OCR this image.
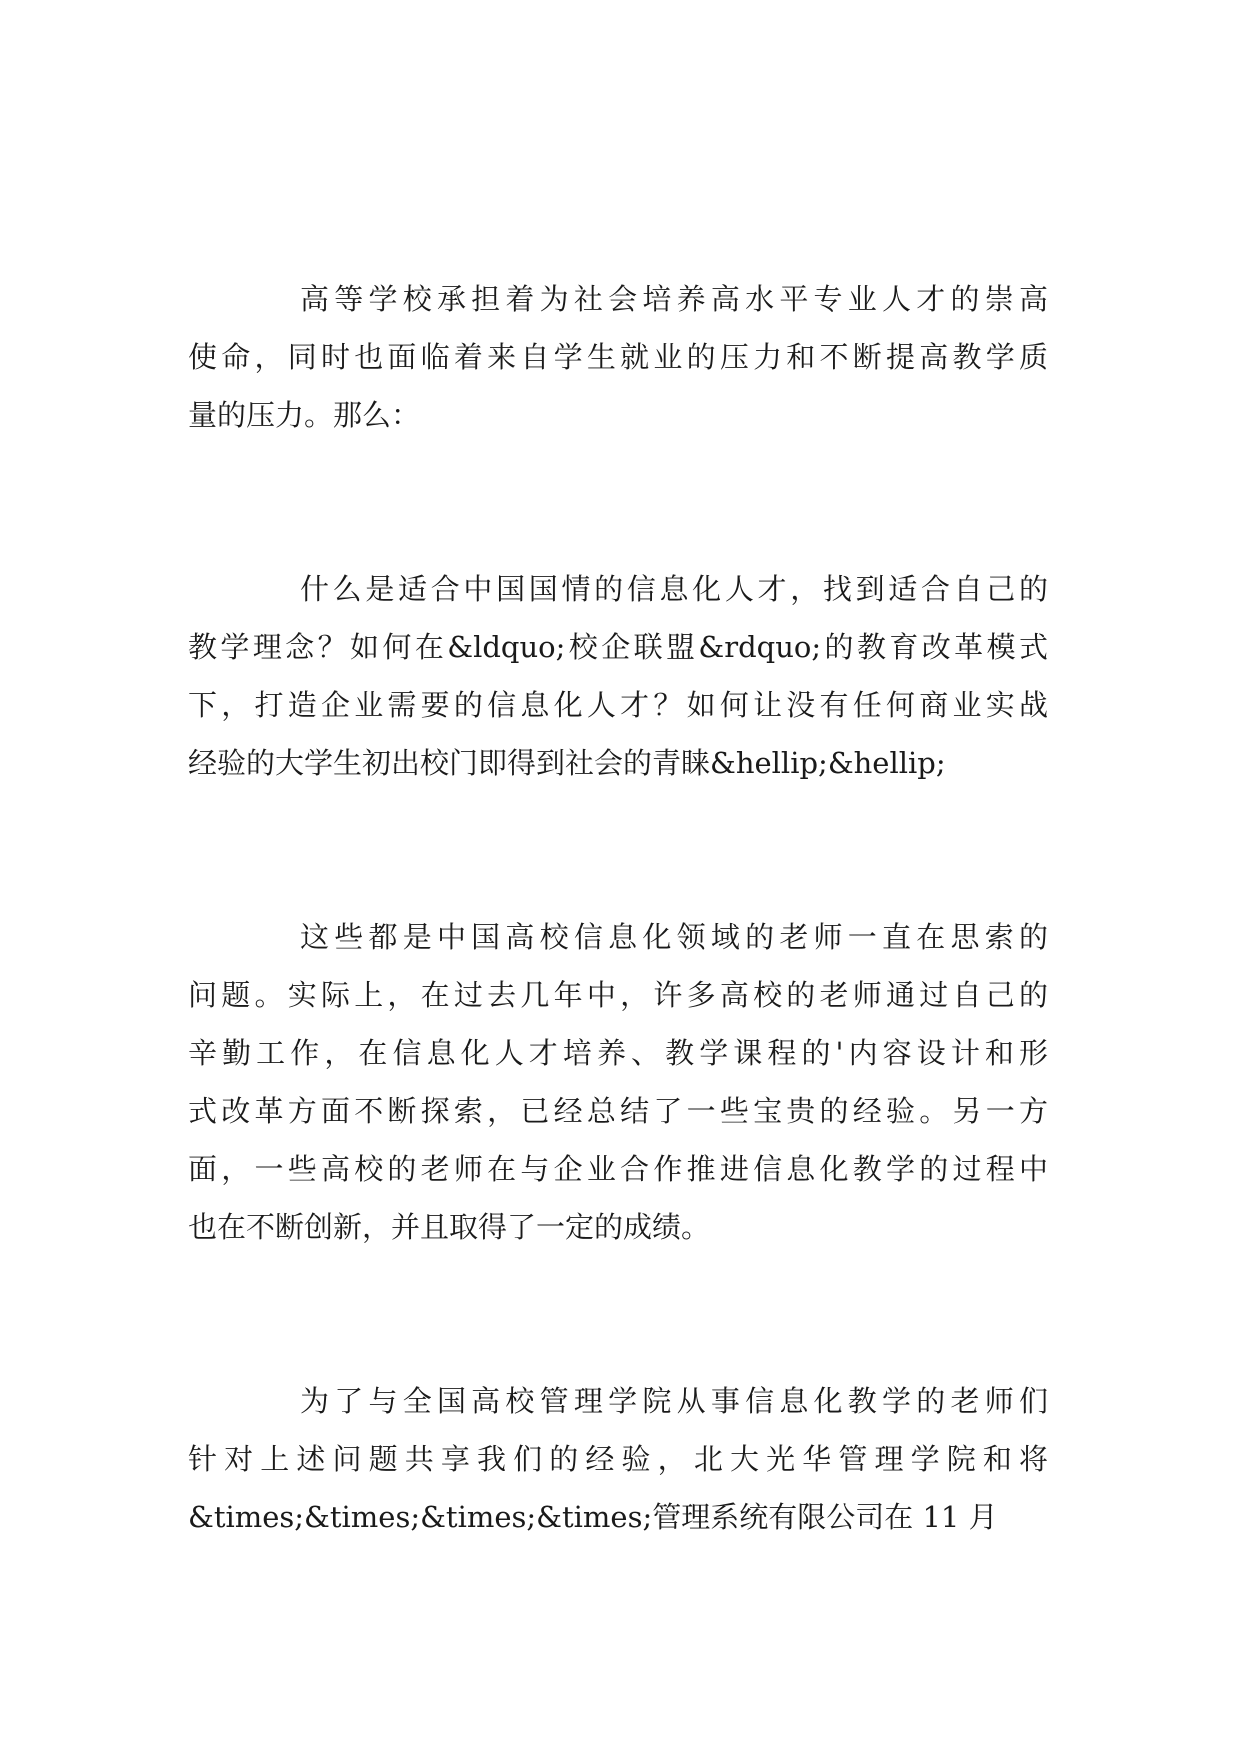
高等学校承担着为社会培养高水平专业人才的崇高
使命，同时也面临着来自学生就业的压力和不断提高教学质
量的压力。那么：
什么是适合中国国情的信息化人才，找到适合自己的
教学理念？如何在&ldquo;校企联盟&rdquo;的教育改革模式
下，打造企业需要的信息化人才？如何让没有任何商业实战
经验的大学生初出校门即得到社会的青睐&hellip;&hellip;
这些都是中国高校信息化领域的老师一直在思索的
问题。实际上，在过去几年中，许多高校的老师通过自己的
辛勤工作，在信息化人才培养、教学课程的'内容设计和形
式改革方面不断探索，已经总结了一些宝贵的经验。另一方
面，一些高校的老师在与企业合作推进信息化教学的过程中
也在不断创新，并且取得了一定的成绩。
为了与全国高校管理学院从事信息化教学的老师们
针对上述问题共享我们的经验，北大光华管理学院和将
&times;&times;&times;&times;管理系统有限公司在 11 月
